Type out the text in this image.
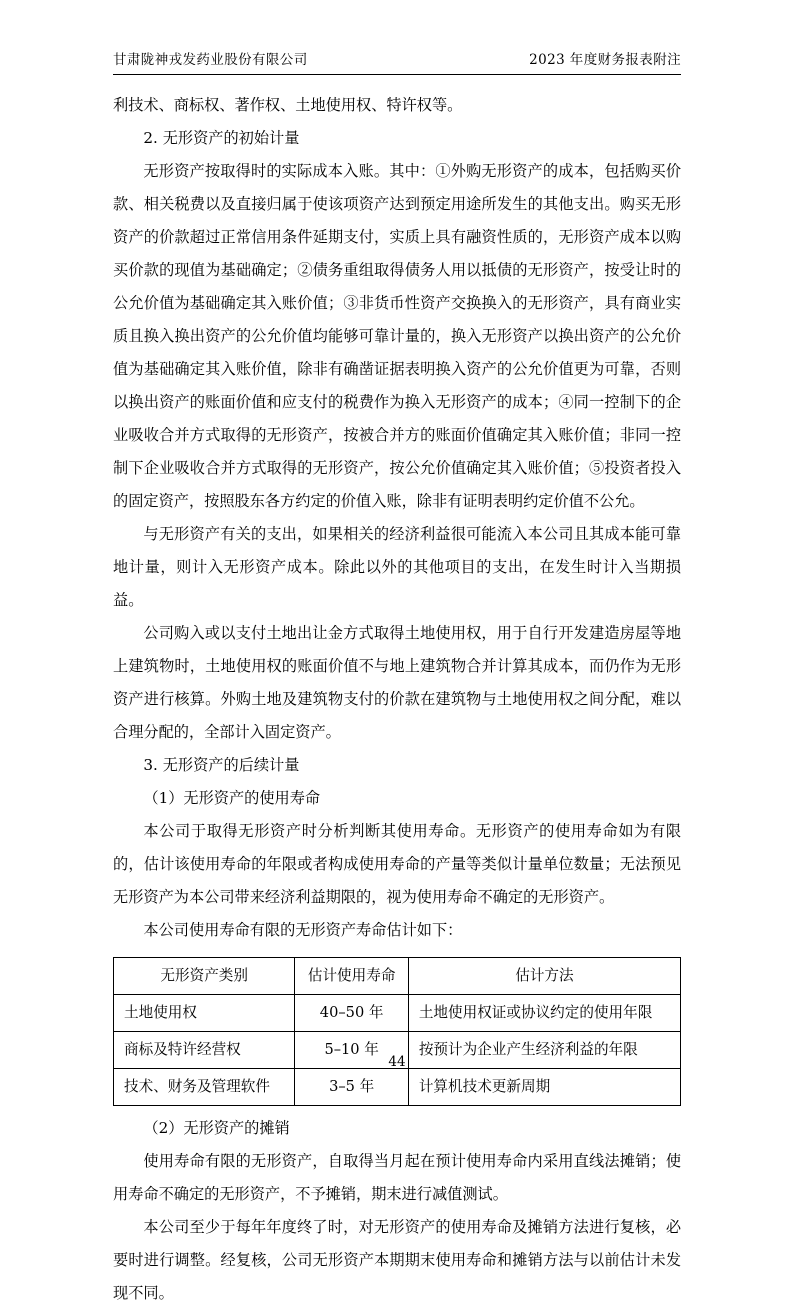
甘肃陇神戎发药业股份有限公司	2023 年度财务报表附注

利技术、商标权、著作权、土地使用权、特许权等。

2. 无形资产的初始计量

无形资产按取得时的实际成本入账。其中：①外购无形资产的成本，包括购买价款、相关税费以及直接归属于使该项资产达到预定用途所发生的其他支出。购买无形资产的价款超过正常信用条件延期支付，实质上具有融资性质的，无形资产成本以购买价款的现值为基础确定；②债务重组取得债务人用以抵债的无形资产，按受让时的公允价值为基础确定其入账价值；③非货币性资产交换换入的无形资产，具有商业实质且换入换出资产的公允价值均能够可靠计量的，换入无形资产以换出资产的公允价值为基础确定其入账价值，除非有确凿证据表明换入资产的公允价值更为可靠，否则以换出资产的账面价值和应支付的税费作为换入无形资产的成本；④同一控制下的企业吸收合并方式取得的无形资产，按被合并方的账面价值确定其入账价值；非同一控制下企业吸收合并方式取得的无形资产，按公允价值确定其入账价值；⑤投资者投入的固定资产，按照股东各方约定的价值入账，除非有证明表明约定价值不公允。

与无形资产有关的支出，如果相关的经济利益很可能流入本公司且其成本能可靠地计量，则计入无形资产成本。除此以外的其他项目的支出，在发生时计入当期损益。

公司购入或以支付土地出让金方式取得土地使用权，用于自行开发建造房屋等地上建筑物时，土地使用权的账面价值不与地上建筑物合并计算其成本，而仍作为无形资产进行核算。外购土地及建筑物支付的价款在建筑物与土地使用权之间分配，难以合理分配的，全部计入固定资产。

3. 无形资产的后续计量

（1）无形资产的使用寿命

本公司于取得无形资产时分析判断其使用寿命。无形资产的使用寿命如为有限的，估计该使用寿命的年限或者构成使用寿命的产量等类似计量单位数量；无法预见无形资产为本公司带来经济利益期限的，视为使用寿命不确定的无形资产。

本公司使用寿命有限的无形资产寿命估计如下：

无形资产类别	估计使用寿命	估计方法
土地使用权	40–50 年	土地使用权证或协议约定的使用年限
商标及特许经营权	5–10 年	按预计为企业产生经济利益的年限
技术、财务及管理软件	3–5 年	计算机技术更新周期

（2）无形资产的摊销

使用寿命有限的无形资产，自取得当月起在预计使用寿命内采用直线法摊销；使用寿命不确定的无形资产，不予摊销，期末进行减值测试。

本公司至少于每年年度终了时，对无形资产的使用寿命及摊销方法进行复核，必要时进行调整。经复核，公司无形资产本期期末使用寿命和摊销方法与以前估计未发现不同。

44
